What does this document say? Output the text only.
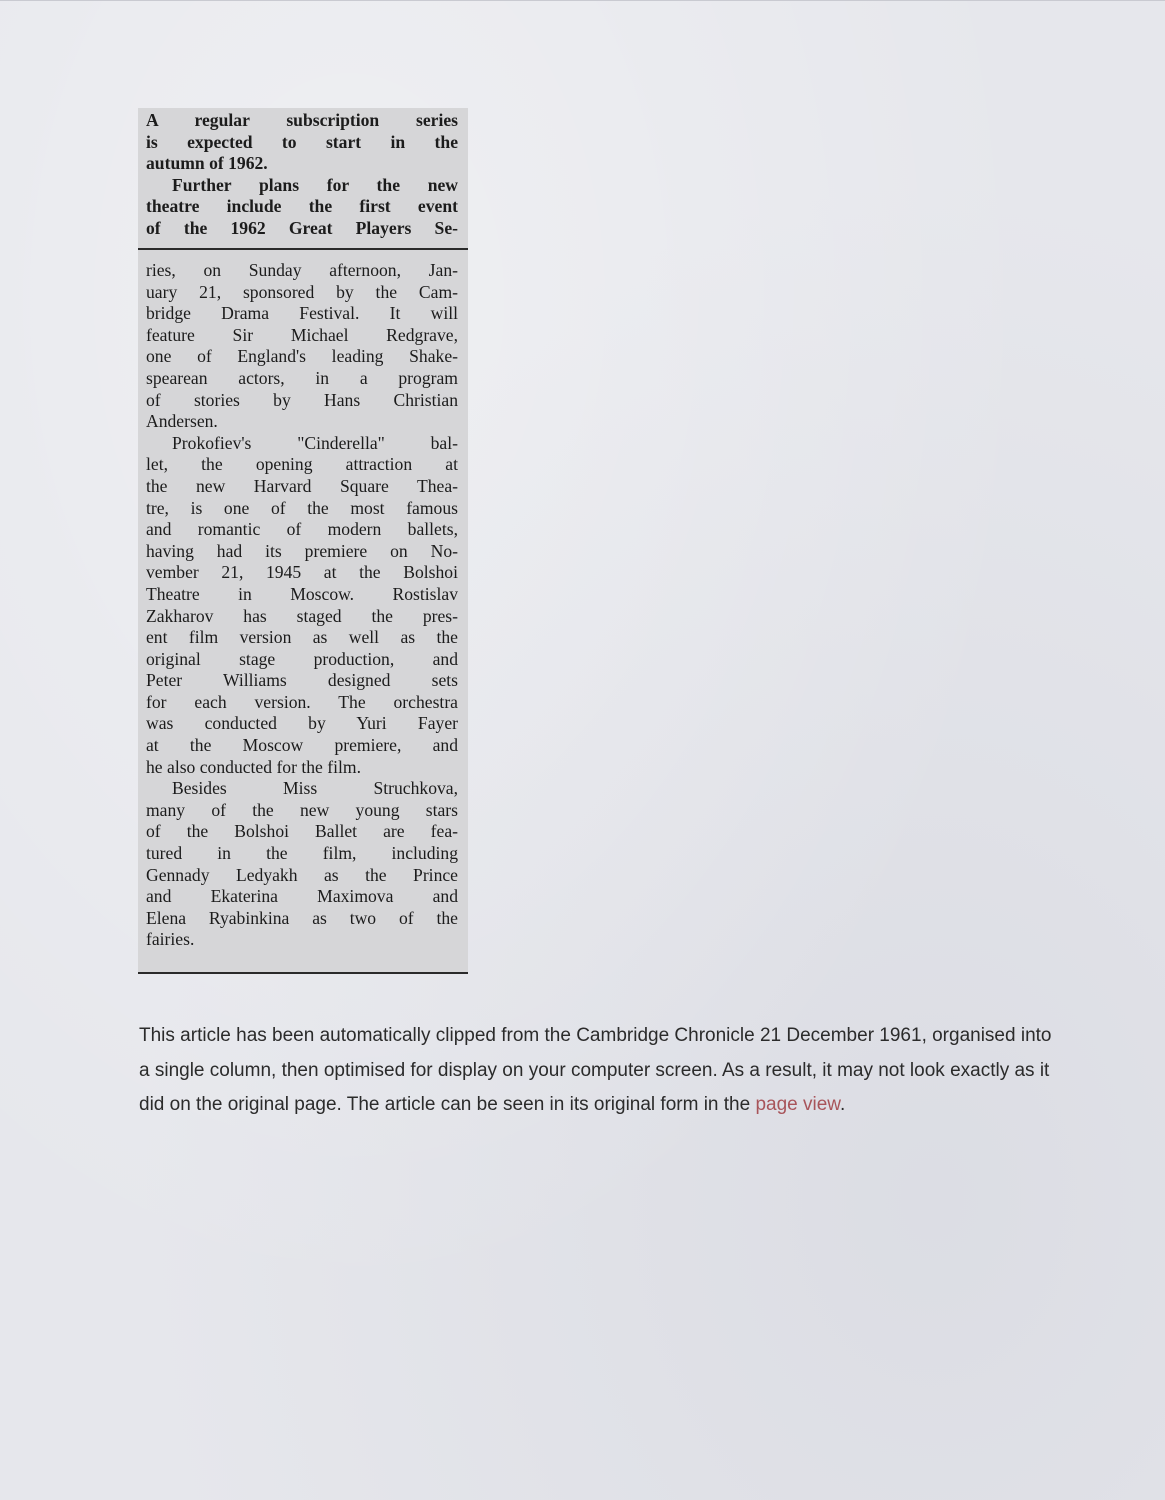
A regular subscription series
is expected to start in the
autumn of 1962.
Further plans for the new
theatre include the first event
of the 1962 Great Players Se-
ries, on Sunday afternoon, Jan-
uary 21, sponsored by the Cam-
bridge Drama Festival. It will
feature Sir Michael Redgrave,
one of England's leading Shake-
spearean actors, in a program
of stories by Hans Christian
Andersen.
Prokofiev's "Cinderella" bal-
let, the opening attraction at
the new Harvard Square Thea-
tre, is one of the most famous
and romantic of modern ballets,
having had its premiere on No-
vember 21, 1945 at the Bolshoi
Theatre in Moscow. Rostislav
Zakharov has staged the pres-
ent film version as well as the
original stage production, and
Peter Williams designed sets
for each version. The orchestra
was conducted by Yuri Fayer
at the Moscow premiere, and
he also conducted for the film.
Besides Miss Struchkova,
many of the new young stars
of the Bolshoi Ballet are fea-
tured in the film, including
Gennady Ledyakh as the Prince
and Ekaterina Maximova and
Elena Ryabinkina as two of the
fairies.

This article has been automatically clipped from the Cambridge Chronicle 21 December 1961, organised into a single column, then optimised for display on your computer screen. As a result, it may not look exactly as it did on the original page. The article can be seen in its original form in the page view.
